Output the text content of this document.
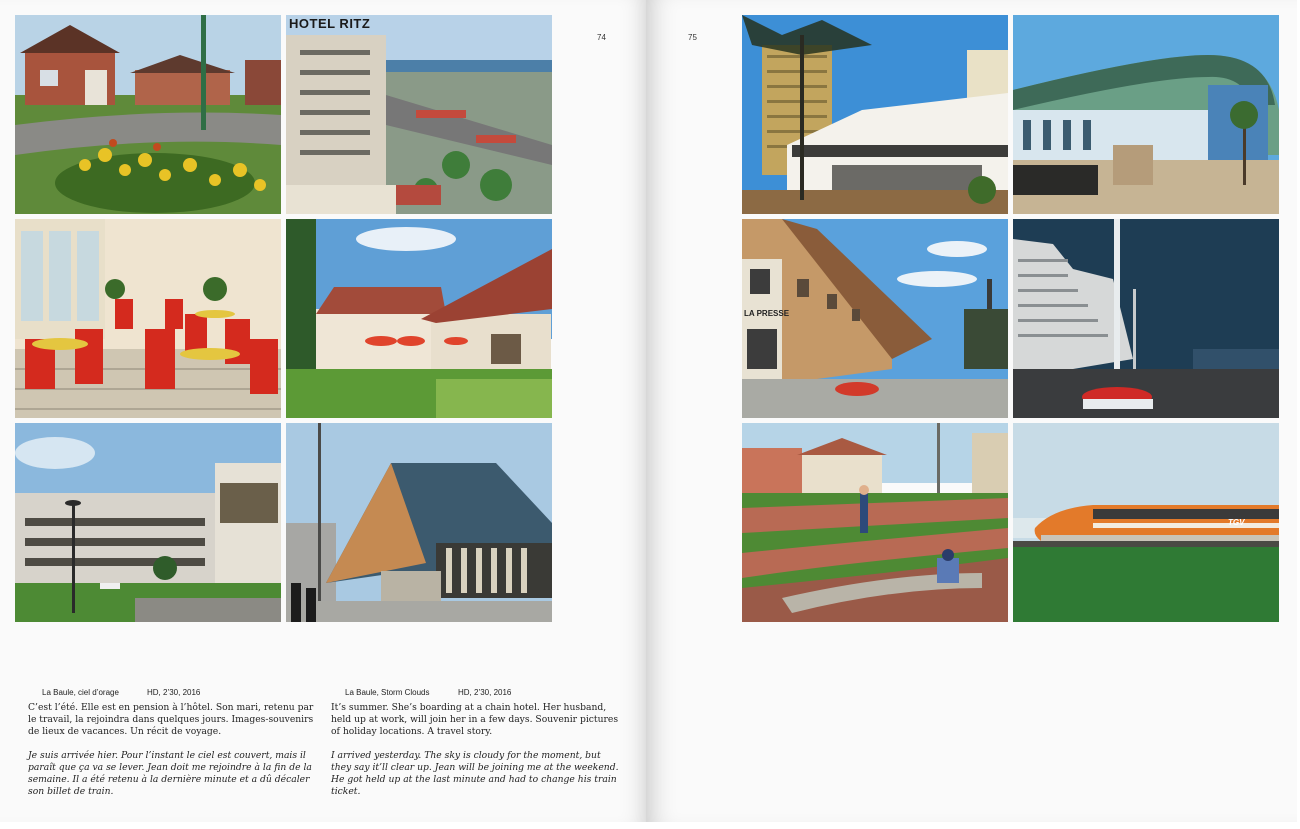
74
HOTEL RITZ
La Baule, ciel d’orage	HD, 2’30, 2016

C’est l’été. Elle est en pension à l’hôtel. Son mari, retenu par le travail, la rejoindra dans quelques jours. Images-souvenirs de lieux de vacances. Un récit de voyage.

Je suis arrivée hier. Pour l’instant le ciel est couvert, mais il paraît que ça va se lever. Jean doit me rejoindre à la fin de la semaine. Il a été retenu à la dernière minute et a dû décaler son billet de train.

La Baule, Storm Clouds	HD, 2’30, 2016

It’s summer. She’s boarding at a chain hotel. Her husband, held up at work, will join her in a few days. Souvenir pictures of holiday locations. A travel story.

I arrived yesterday. The sky is cloudy for the moment, but they say it’ll clear up. Jean will be joining me at the weekend. He got held up at the last minute and had to change his train ticket.

75
LA PRESSE
TGV
